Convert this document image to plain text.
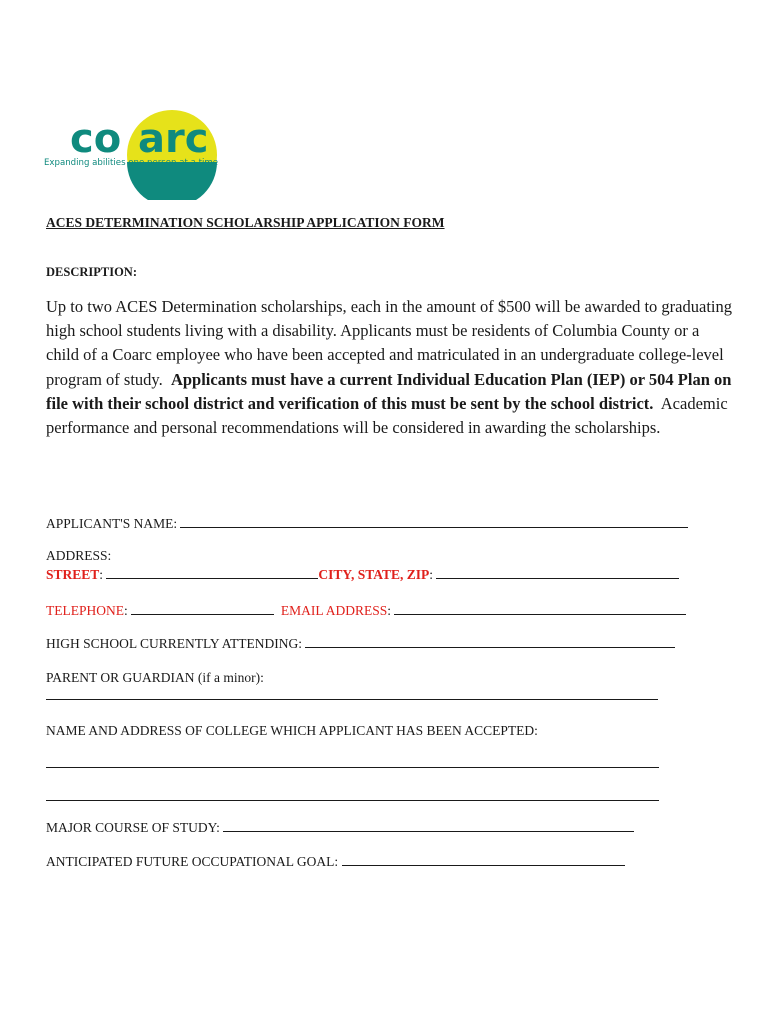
co arc
Expanding abilities one person at a time
ACES DETERMINATION SCHOLARSHIP APPLICATION FORM
DESCRIPTION:
Up to two ACES Determination scholarships, each in the amount of $500 will be awarded to graduating high school students living with a disability. Applicants must be residents of Columbia County or a child of a Coarc employee who have been accepted and matriculated in an undergraduate college-level program of study. Applicants must have a current Individual Education Plan (IEP) or 504 Plan on file with their school district and verification of this must be sent by the school district. Academic performance and personal recommendations will be considered in awarding the scholarships.
APPLICANT'S NAME:
ADDRESS:
STREET:	CITY, STATE, ZIP:
TELEPHONE:	EMAIL ADDRESS:
HIGH SCHOOL CURRENTLY ATTENDING:
PARENT OR GUARDIAN (if a minor):
NAME AND ADDRESS OF COLLEGE WHICH APPLICANT HAS BEEN ACCEPTED:
MAJOR COURSE OF STUDY:
ANTICIPATED FUTURE OCCUPATIONAL GOAL:
